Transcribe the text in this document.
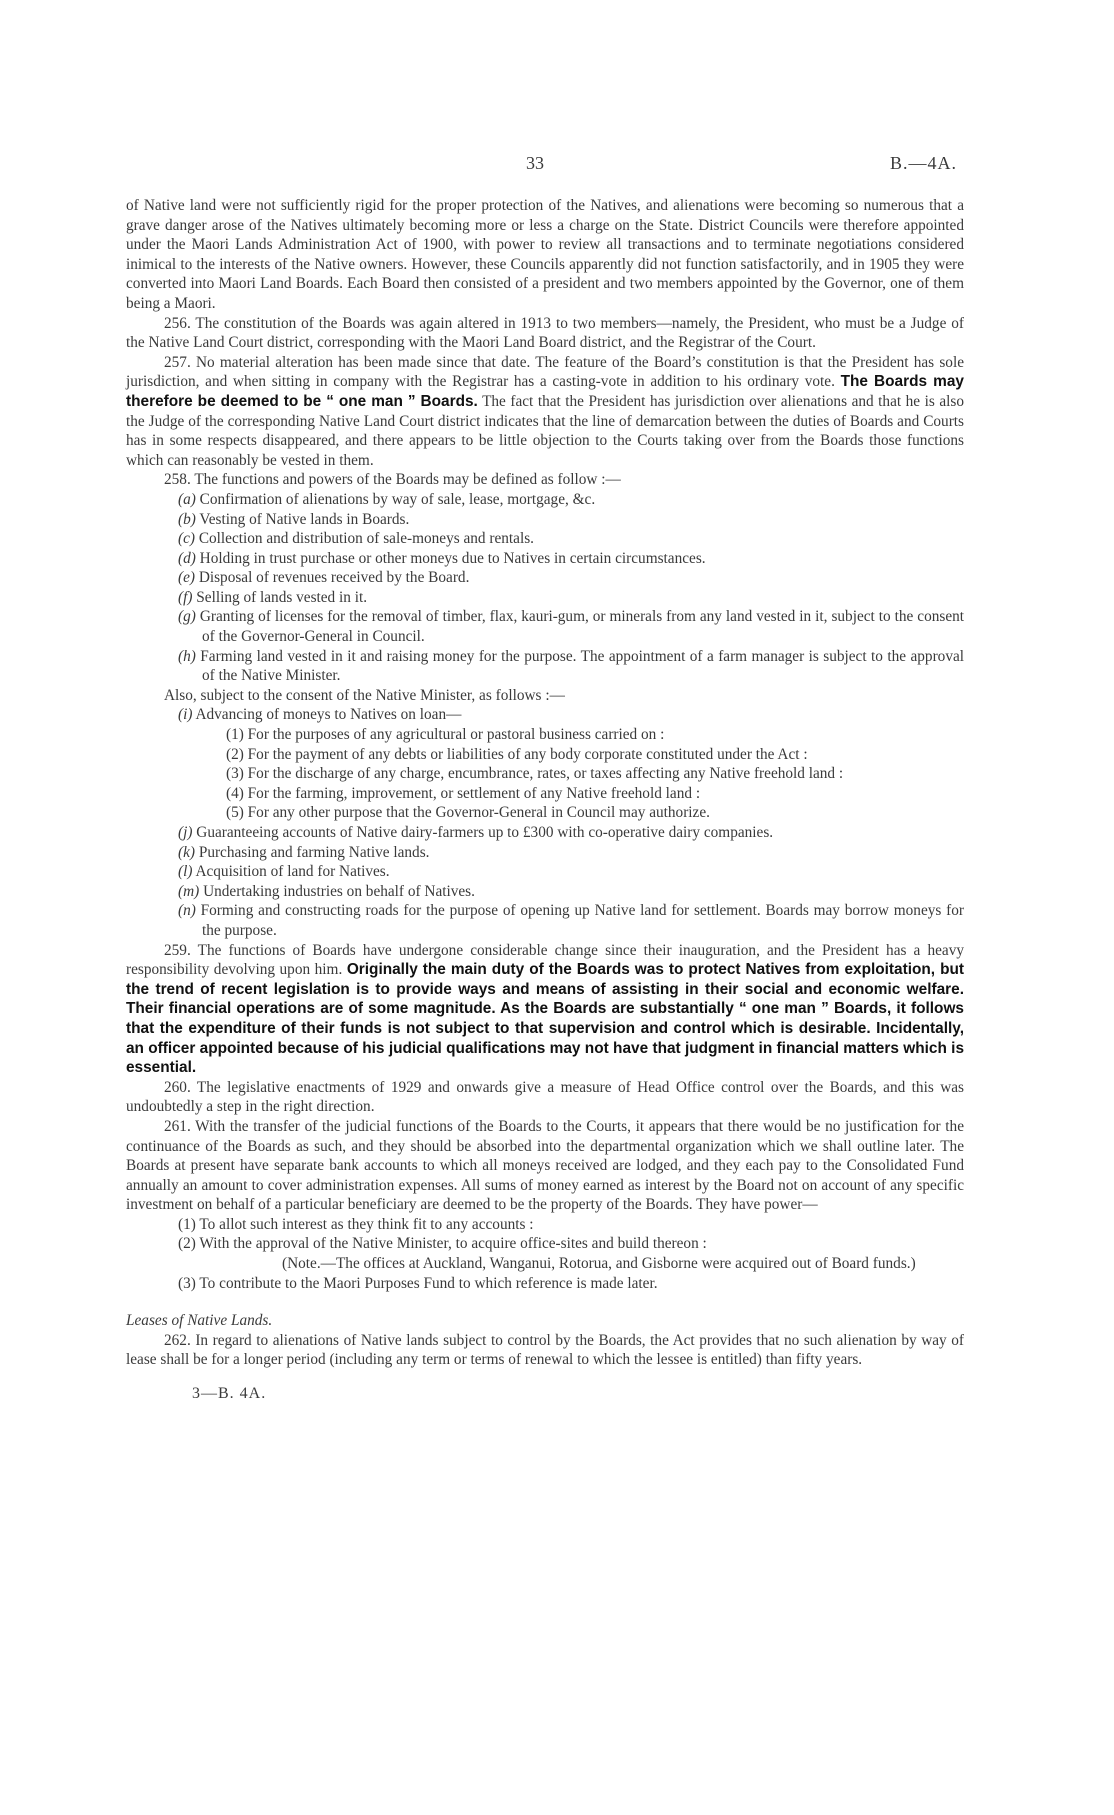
33	B.—4A.

of Native land were not sufficiently rigid for the proper protection of the Natives, and alienations were becoming so numerous that a grave danger arose of the Natives ultimately becoming more or less a charge on the State. District Councils were therefore appointed under the Maori Lands Administration Act of 1900, with power to review all transactions and to terminate negotiations considered inimical to the interests of the Native owners. However, these Councils apparently did not function satisfactorily, and in 1905 they were converted into Maori Land Boards. Each Board then consisted of a president and two members appointed by the Governor, one of them being a Maori.

256. The constitution of the Boards was again altered in 1913 to two members—namely, the President, who must be a Judge of the Native Land Court district, corresponding with the Maori Land Board district, and the Registrar of the Court.

257. No material alteration has been made since that date. The feature of the Board’s constitution is that the President has sole jurisdiction, and when sitting in company with the Registrar has a casting-vote in addition to his ordinary vote. The Boards may therefore be deemed to be “ one man ” Boards. The fact that the President has jurisdiction over alienations and that he is also the Judge of the corresponding Native Land Court district indicates that the line of demarcation between the duties of Boards and Courts has in some respects disappeared, and there appears to be little objection to the Courts taking over from the Boards those functions which can reasonably be vested in them.

258. The functions and powers of the Boards may be defined as follow :—

(a) Confirmation of alienations by way of sale, lease, mortgage, &c.

(b) Vesting of Native lands in Boards.

(c) Collection and distribution of sale-moneys and rentals.

(d) Holding in trust purchase or other moneys due to Natives in certain circumstances.

(e) Disposal of revenues received by the Board.

(f) Selling of lands vested in it.

(g) Granting of licenses for the removal of timber, flax, kauri-gum, or minerals from any land vested in it, subject to the consent of the Governor-General in Council.

(h) Farming land vested in it and raising money for the purpose. The appointment of a farm manager is subject to the approval of the Native Minister.

Also, subject to the consent of the Native Minister, as follows :—

(i) Advancing of moneys to Natives on loan—

(1) For the purposes of any agricultural or pastoral business carried on :

(2) For the payment of any debts or liabilities of any body corporate constituted under the Act :

(3) For the discharge of any charge, encumbrance, rates, or taxes affecting any Native freehold land :

(4) For the farming, improvement, or settlement of any Native freehold land :

(5) For any other purpose that the Governor-General in Council may authorize.

(j) Guaranteeing accounts of Native dairy-farmers up to £300 with co-operative dairy companies.

(k) Purchasing and farming Native lands.

(l) Acquisition of land for Natives.

(m) Undertaking industries on behalf of Natives.

(n) Forming and constructing roads for the purpose of opening up Native land for settlement. Boards may borrow moneys for the purpose.

259. The functions of Boards have undergone considerable change since their inauguration, and the President has a heavy responsibility devolving upon him. Originally the main duty of the Boards was to protect Natives from exploitation, but the trend of recent legislation is to provide ways and means of assisting in their social and economic welfare. Their financial operations are of some magnitude. As the Boards are substantially “ one man ” Boards, it follows that the expenditure of their funds is not subject to that supervision and control which is desirable. Incidentally, an officer appointed because of his judicial qualifications may not have that judgment in financial matters which is essential.

260. The legislative enactments of 1929 and onwards give a measure of Head Office control over the Boards, and this was undoubtedly a step in the right direction.

261. With the transfer of the judicial functions of the Boards to the Courts, it appears that there would be no justification for the continuance of the Boards as such, and they should be absorbed into the departmental organization which we shall outline later. The Boards at present have separate bank accounts to which all moneys received are lodged, and they each pay to the Consolidated Fund annually an amount to cover administration expenses. All sums of money earned as interest by the Board not on account of any specific investment on behalf of a particular beneficiary are deemed to be the property of the Boards. They have power—

(1) To allot such interest as they think fit to any accounts :

(2) With the approval of the Native Minister, to acquire office-sites and build thereon :

(Note.—The offices at Auckland, Wanganui, Rotorua, and Gisborne were acquired out of Board funds.)

(3) To contribute to the Maori Purposes Fund to which reference is made later.

Leases of Native Lands.

262. In regard to alienations of Native lands subject to control by the Boards, the Act provides that no such alienation by way of lease shall be for a longer period (including any term or terms of renewal to which the lessee is entitled) than fifty years.

3—B. 4A.
